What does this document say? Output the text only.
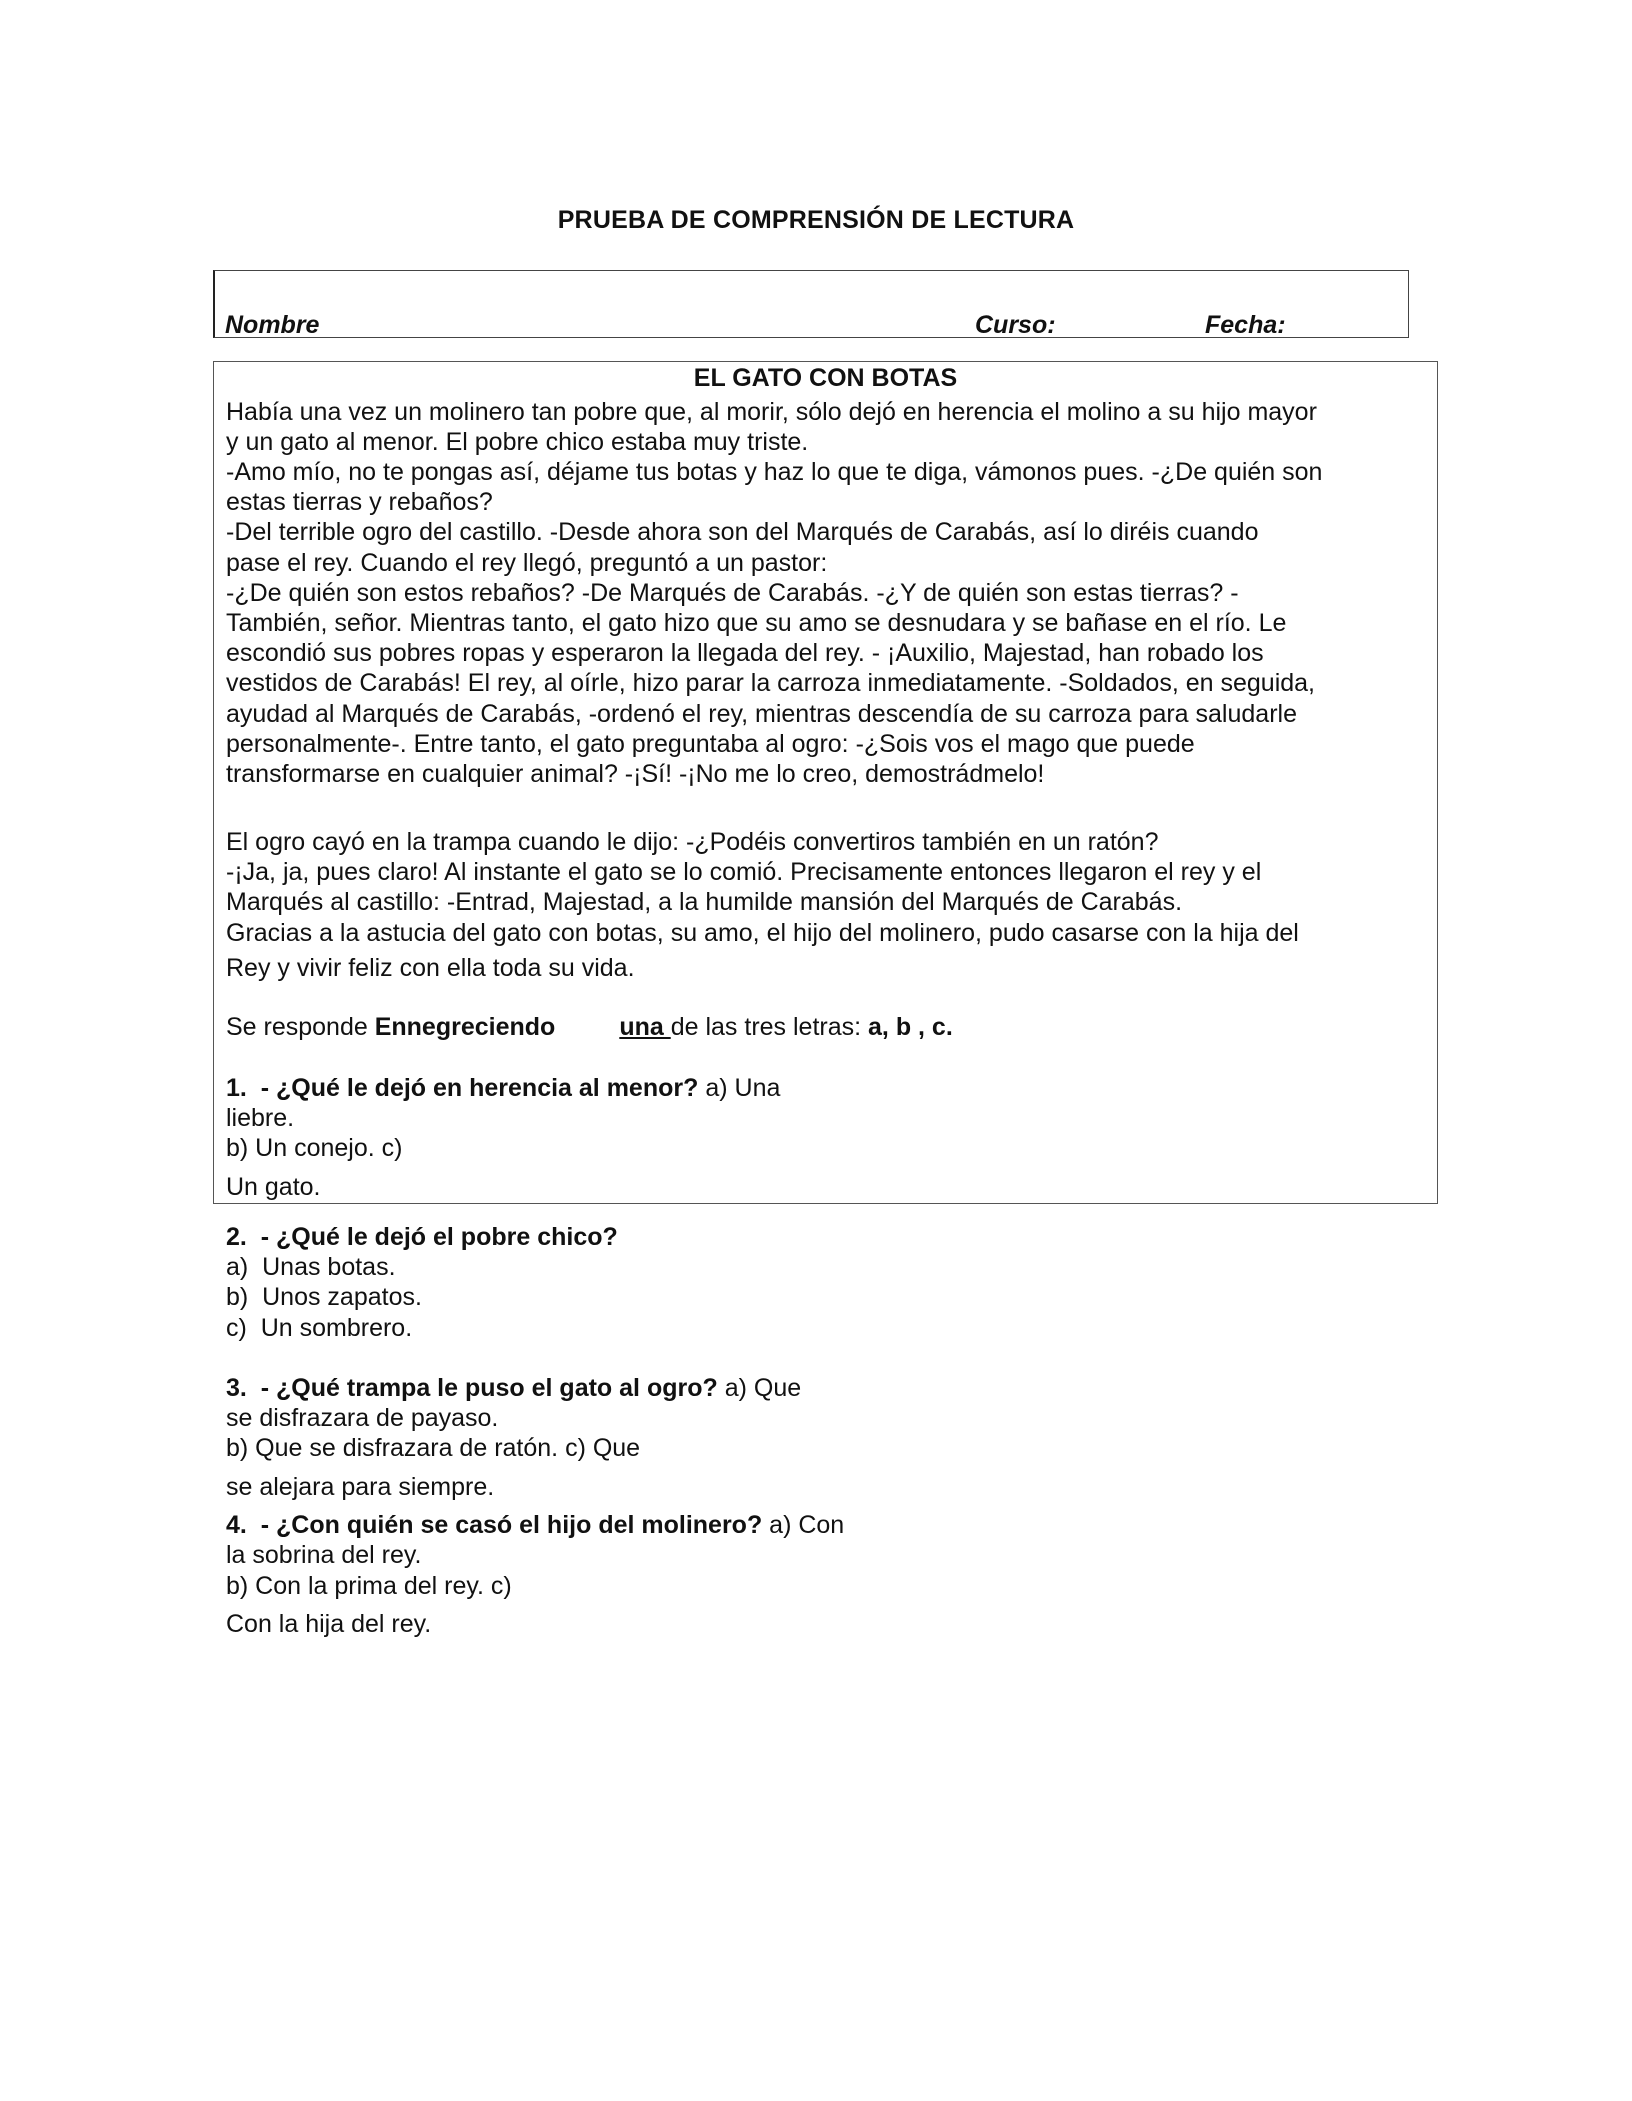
PRUEBA DE COMPRENSIÓN DE LECTURA
Nombre	Curso:	Fecha:
EL GATO CON BOTAS
Había una vez un molinero tan pobre que, al morir, sólo dejó en herencia el molino a su hijo mayor
y un gato al menor. El pobre chico estaba muy triste.
-Amo mío, no te pongas así, déjame tus botas y haz lo que te diga, vámonos pues. -¿De quién son
estas tierras y rebaños?
-Del terrible ogro del castillo. -Desde ahora son del Marqués de Carabás, así lo diréis cuando
pase el rey. Cuando el rey llegó, preguntó a un pastor:
-¿De quién son estos rebaños? -De Marqués de Carabás. -¿Y de quién son estas tierras? -
También, señor. Mientras tanto, el gato hizo que su amo se desnudara y se bañase en el río. Le
escondió sus pobres ropas y esperaron la llegada del rey. - ¡Auxilio, Majestad, han robado los
vestidos de Carabás! El rey, al oírle, hizo parar la carroza inmediatamente. -Soldados, en seguida,
ayudad al Marqués de Carabás, -ordenó el rey, mientras descendía de su carroza para saludarle
personalmente-. Entre tanto, el gato preguntaba al ogro: -¿Sois vos el mago que puede
transformarse en cualquier animal? -¡Sí! -¡No me lo creo, demostrádmelo!
El ogro cayó en la trampa cuando le dijo: -¿Podéis convertiros también en un ratón?
-¡Ja, ja, pues claro! Al instante el gato se lo comió. Precisamente entonces llegaron el rey y el
Marqués al castillo: -Entrad, Majestad, a la humilde mansión del Marqués de Carabás.
Gracias a la astucia del gato con botas, su amo, el hijo del molinero, pudo casarse con la hija del
Rey y vivir feliz con ella toda su vida.
Se responde Ennegreciendo	una de las tres letras: a, b , c.
1. - ¿Qué le dejó en herencia al menor? a) Una
liebre.
b) Un conejo. c)
Un gato.
2. - ¿Qué le dejó el pobre chico?
a)  Unas botas.
b)  Unos zapatos.
c)  Un sombrero.
3. - ¿Qué trampa le puso el gato al ogro? a) Que
se disfrazara de payaso.
b) Que se disfrazara de ratón. c) Que
se alejara para siempre.
4. - ¿Con quién se casó el hijo del molinero? a) Con
la sobrina del rey.
b) Con la prima del rey. c)
Con la hija del rey.
